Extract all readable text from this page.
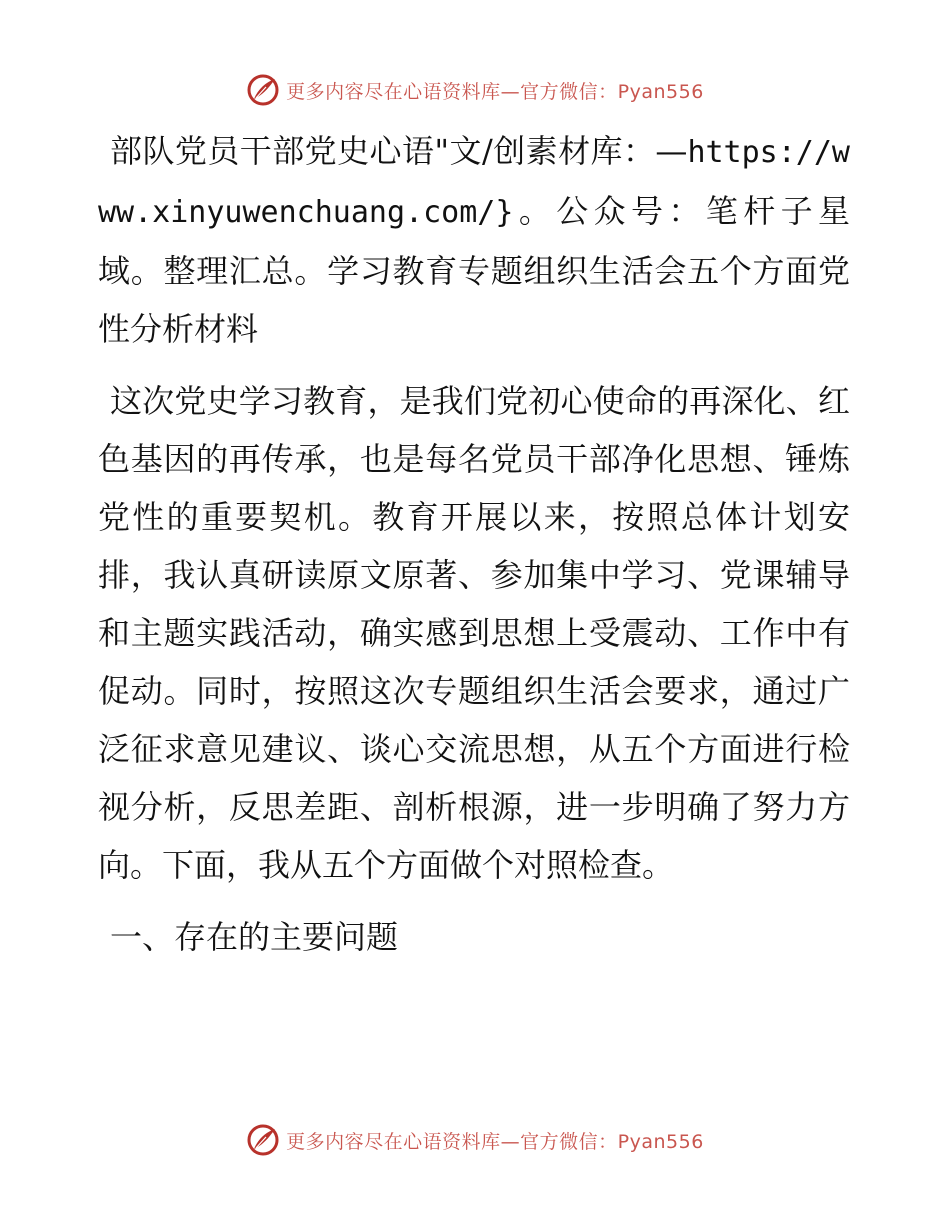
更多内容尽在心语资料库—官方微信：Pyan556

部队党员干部党史心语"文/创素材库：—https://www.xinyuwenchuang.com/}。公众号：笔杆子星域。整理汇总。学习教育专题组织生活会五个方面党性分析材料

这次党史学习教育，是我们党初心使命的再深化、红色基因的再传承，也是每名党员干部净化思想、锤炼党性的重要契机。教育开展以来，按照总体计划安排，我认真研读原文原著、参加集中学习、党课辅导和主题实践活动，确实感到思想上受震动、工作中有促动。同时，按照这次专题组织生活会要求，通过广泛征求意见建议、谈心交流思想，从五个方面进行检视分析，反思差距、剖析根源，进一步明确了努力方向。下面，我从五个方面做个对照检查。

一、存在的主要问题

更多内容尽在心语资料库—官方微信：Pyan556
